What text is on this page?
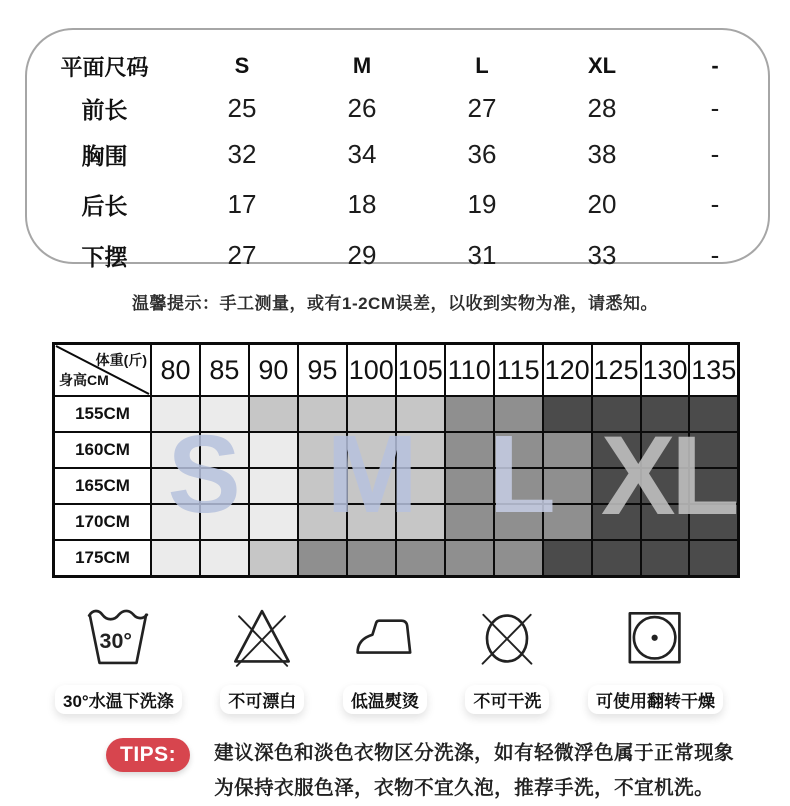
平面尺码	S	M	L	XL	-
前长	25	26	27	28	-
胸围	32	34	36	38	-
后长	17	18	19	20	-
下摆	27	29	31	33	-

温馨提示：手工测量，或有1-2CM误差，以收到实物为准，请悉知。

体重(斤)
身高CM	80	85	90	95	100	105	110	115	120	125	130	135
155CM												
160CM												
165CM												
170CM												
175CM												
S M L XL
30°
30°水温下洗涤	不可漂白	低温熨烫	不可干洗	可使用翻转干燥
TIPS:	建议深色和淡色衣物区分洗涤，如有轻微浮色属于正常现象

为保持衣服色泽，衣物不宜久泡，推荐手洗，不宜机洗。
